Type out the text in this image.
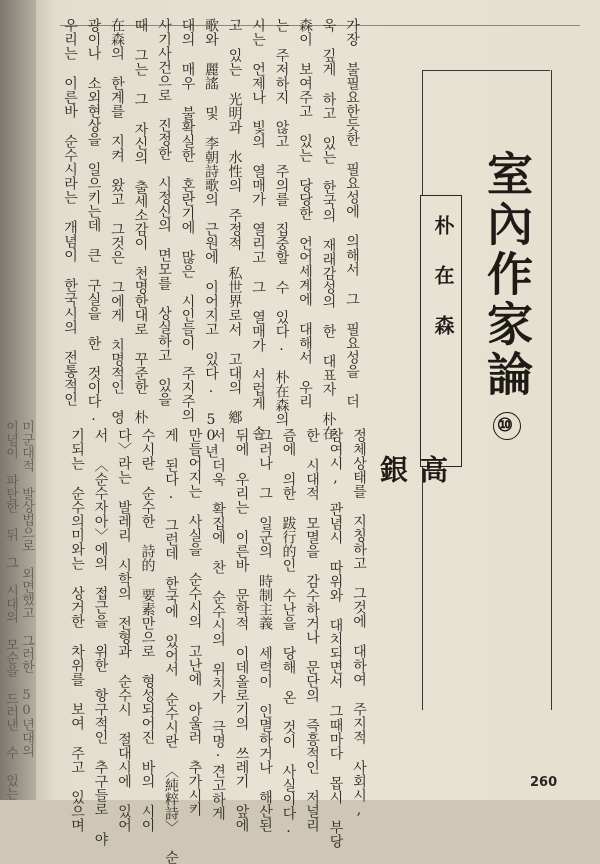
미군대적 발상법으로 외면했고 그러한 50년대의
이념이 파탄한 뒤 그 시대의 모순을 드러낸 수 있는
가장 불필요한듯한 필요성에 의해서 그 필요성을 더
욱 깊게 하고 있는 한국의 재래감성의 한 대표자 朴在
森이 보여주고 있는 당당한 언어세계에 대해서 우리
는 주저하지 않고 주의를 집중할 수 있다. 朴在森의
시는 언제나 빛의 열매가 열리고 그 열매가 서럽게 솔
고 있는 光明과 水性의 주정적 私世界로서 고대의 鄕
歌와 麗謠 및 李朝詩歌의 근원에 이어지고 있다. 50년
대의 매우 불확실한 혼란기에 많은 시인들이 주지주의
사기사건으로 진정한 시정신의 면모를 상실하고 있을
때 그는 그 자신의 출세소감이 천명한대로 꾸준한 朴
在森의 한계를 지켜 왔고 그것은 그에게 치명적인 영
광이나 소외현상을 일으키는데 큰 구실을 한 것이다.
우리는 이른바 순수시라는 개념이 한국시의 전통적인
정체상태를 지칭하고 그것에 대하여 주지적 사회시,
참여시, 관념시 따위와 대치되면서 그때마다 몹시 부당
한 시대적 모멸을 감수하거나 문단의 즉흥적인 저널리
즘에 의한 跋行的인 수난을 당해 온 것이 사실이다.
그러나 그 일군의 時制主義 세력이 인멸하거나 해산된
뒤에 우리는 이른바 문학적 이데올로기의 쓰레기 앞에
서 더욱 확집에 찬 순수시의 위치가 극명·견고하게
만들어지는 사실을 순수시의 고난에 아울러 추가시키
게 된다. 그런데 한국에 있어서 순수시란 〈純粹詩〉 순
수시란 순수한 詩的 要素만으로 형성되어진 바의 시이
다〉라는 발레리 시학의 전형과 순수시 절대시에 있어
서 〈순수자아〉에의 접근을 위한 항구적인 추구들로 야
기되는 순수의미와는 상거한 차위를 보여 주고 있으며
室內作家論⑩
朴在森
高銀
260
